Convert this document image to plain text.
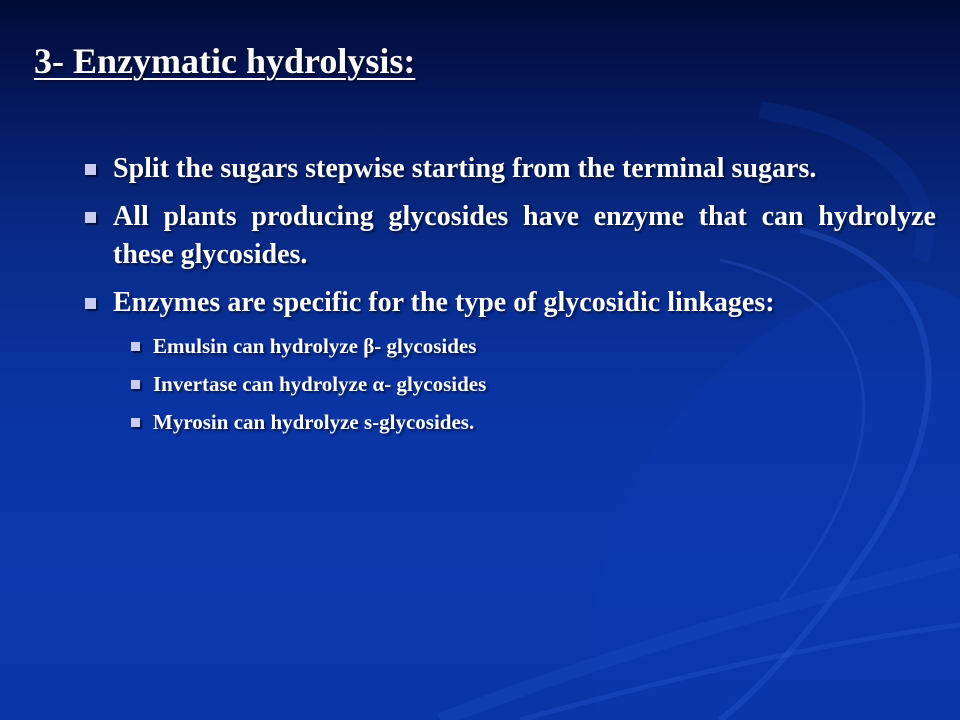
3- Enzymatic hydrolysis:
Split the sugars stepwise starting from the terminal sugars.
All plants producing glycosides have enzyme that can hydrolyze these glycosides.
Enzymes are specific for the type of glycosidic linkages:
Emulsin can hydrolyze β- glycosides
Invertase can hydrolyze α- glycosides
Myrosin can hydrolyze s-glycosides.
